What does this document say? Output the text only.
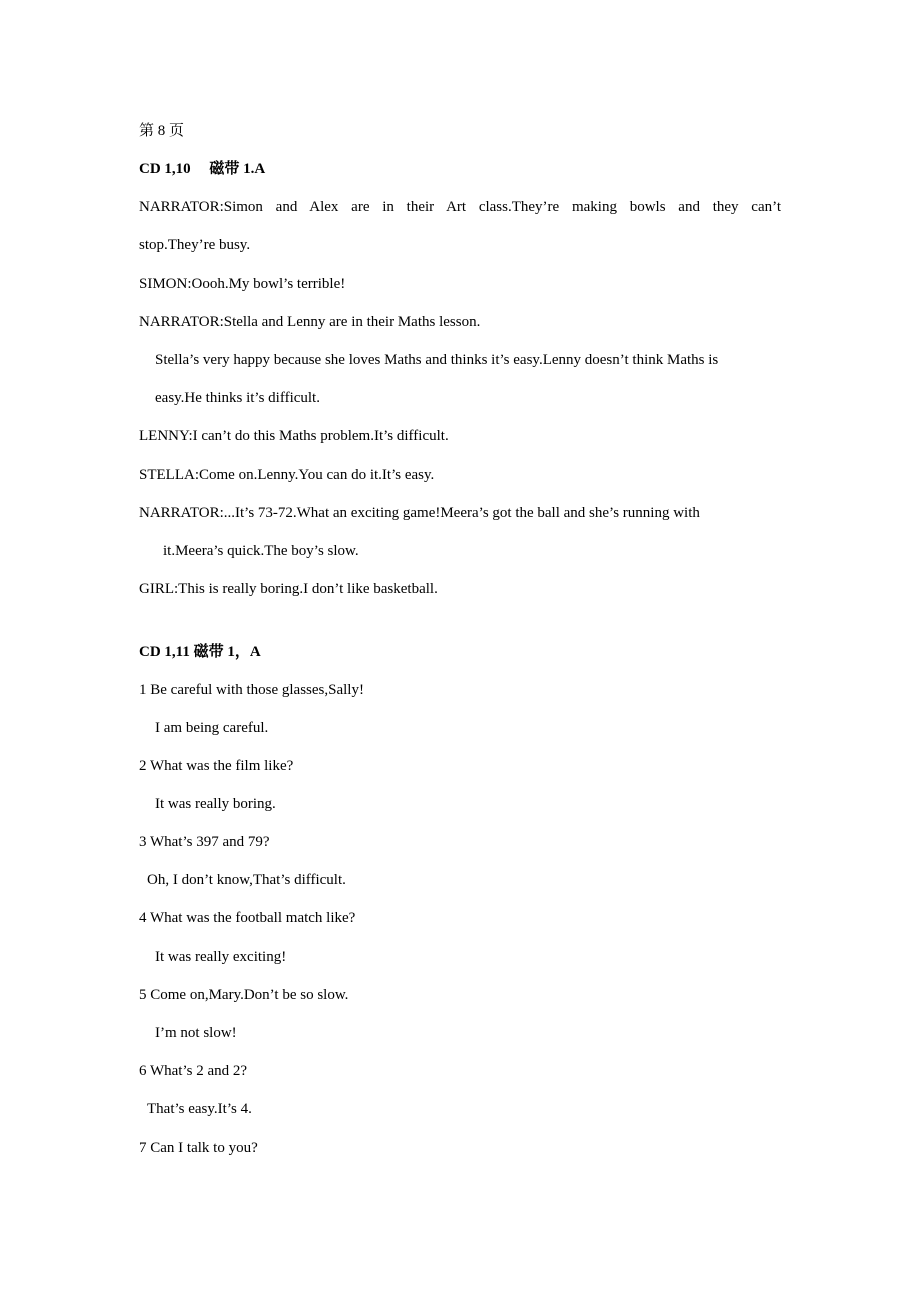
第 8 页
CD 1,10　 磁带 1.A
NARRATOR:Simon and Alex are in their Art class.They’re making bowls and they can’t
stop.They’re busy.
SIMON:Oooh.My bowl’s terrible!
NARRATOR:Stella and Lenny are in their Maths lesson.
Stella’s very happy because she loves Maths and thinks it’s easy.Lenny doesn’t think Maths is
easy.He thinks it’s difficult.
LENNY:I can’t do this Maths problem.It’s difficult.
STELLA:Come on.Lenny.You can do it.It’s easy.
NARRATOR:...It’s 73-72.What an exciting game!Meera’s got the ball and she’s running with
it.Meera’s quick.The boy’s slow.
GIRL:This is really boring.I don’t like basketball.
CD 1,11 磁带 1，A
1 Be careful with those glasses,Sally!
I am being careful.
2 What was the film like?
It was really boring.
3 What’s 397 and 79?
Oh, I don’t know,That’s difficult.
4 What was the football match like?
It was really exciting!
5 Come on,Mary.Don’t be so slow.
I’m not slow!
6 What’s 2 and 2?
That’s easy.It’s 4.
7 Can I talk to you?
